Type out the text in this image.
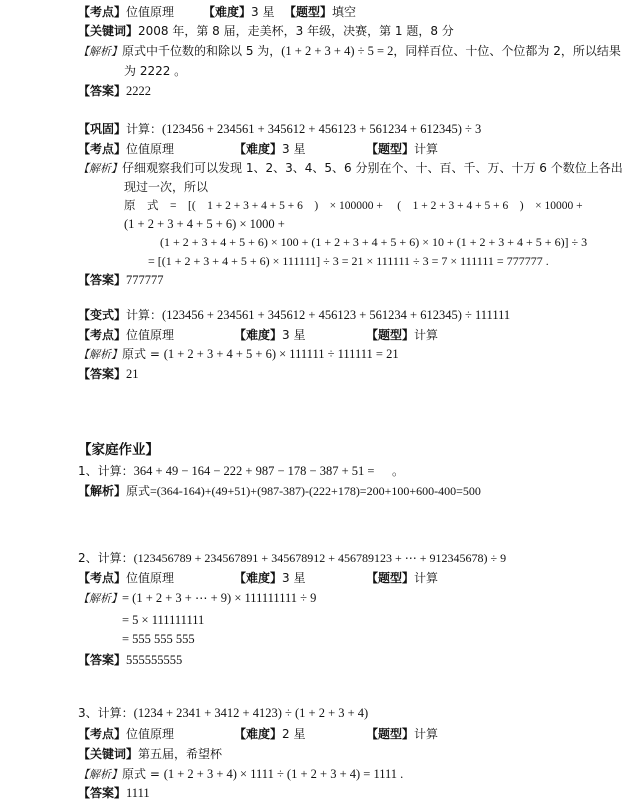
【考点】位值原理 【难度】3 星 【题型】填空
【关键词】2008 年，第 8 届，走美杯，3 年级，决赛，第 1 题，8 分
【解析】原式中千位数的和除以 5 为，(1 + 2 + 3 + 4) ÷ 5 = 2，同样百位、十位、个位都为 2，所以结果
为 2222 。
【答案】2222
【巩固】计算：(123456 + 234561 + 345612 + 456123 + 561234 + 612345) ÷ 3
【考点】位值原理	【难度】3 星	【题型】计算
【解析】仔细观察我们可以发现 1、2、3、4、5、6 分别在个、十、百、千、万、十万 6 个数位上各出
现过一次，所以
原    式    =    [(    1 + 2 + 3 + 4 + 5 + 6    )    × 100000 +     (    1 + 2 + 3 + 4 + 5 + 6    )    × 10000 +
(1 + 2 + 3 + 4 + 5 + 6) × 1000 +
(1 + 2 + 3 + 4 + 5 + 6) × 100 + (1 + 2 + 3 + 4 + 5 + 6) × 10 + (1 + 2 + 3 + 4 + 5 + 6)] ÷ 3
= [(1 + 2 + 3 + 4 + 5 + 6) × 111111] ÷ 3 = 21 × 111111 ÷ 3 = 7 × 111111 = 777777 .
【答案】777777
【变式】计算：(123456 + 234561 + 345612 + 456123 + 561234 + 612345) ÷ 111111
【考点】位值原理	【难度】3 星	【题型】计算
【解析】原式 = (1 + 2 + 3 + 4 + 5 + 6) × 111111 ÷ 111111 = 21
【答案】21
【家庭作业】
1、计算：364 + 49 − 164 − 222 + 987 − 178 − 387 + 51 = 。
【解析】原式=(364-164)+(49+51)+(987-387)-(222+178)=200+100+600-400=500
2、计算：(123456789 + 234567891 + 345678912 + 456789123 + ⋯ + 912345678) ÷ 9
【考点】位值原理	【难度】3 星	【题型】计算
【解析】= (1 + 2 + 3 + ⋯ + 9) × 111111111 ÷ 9
= 5 × 111111111
= 555 555 555
【答案】555555555
3、计算：(1234 + 2341 + 3412 + 4123) ÷ (1 + 2 + 3 + 4)
【考点】位值原理	【难度】2 星	【题型】计算
【关键词】第五届，希望杯
【解析】原式 = (1 + 2 + 3 + 4) × 1111 ÷ (1 + 2 + 3 + 4) = 1111 .
【答案】1111
